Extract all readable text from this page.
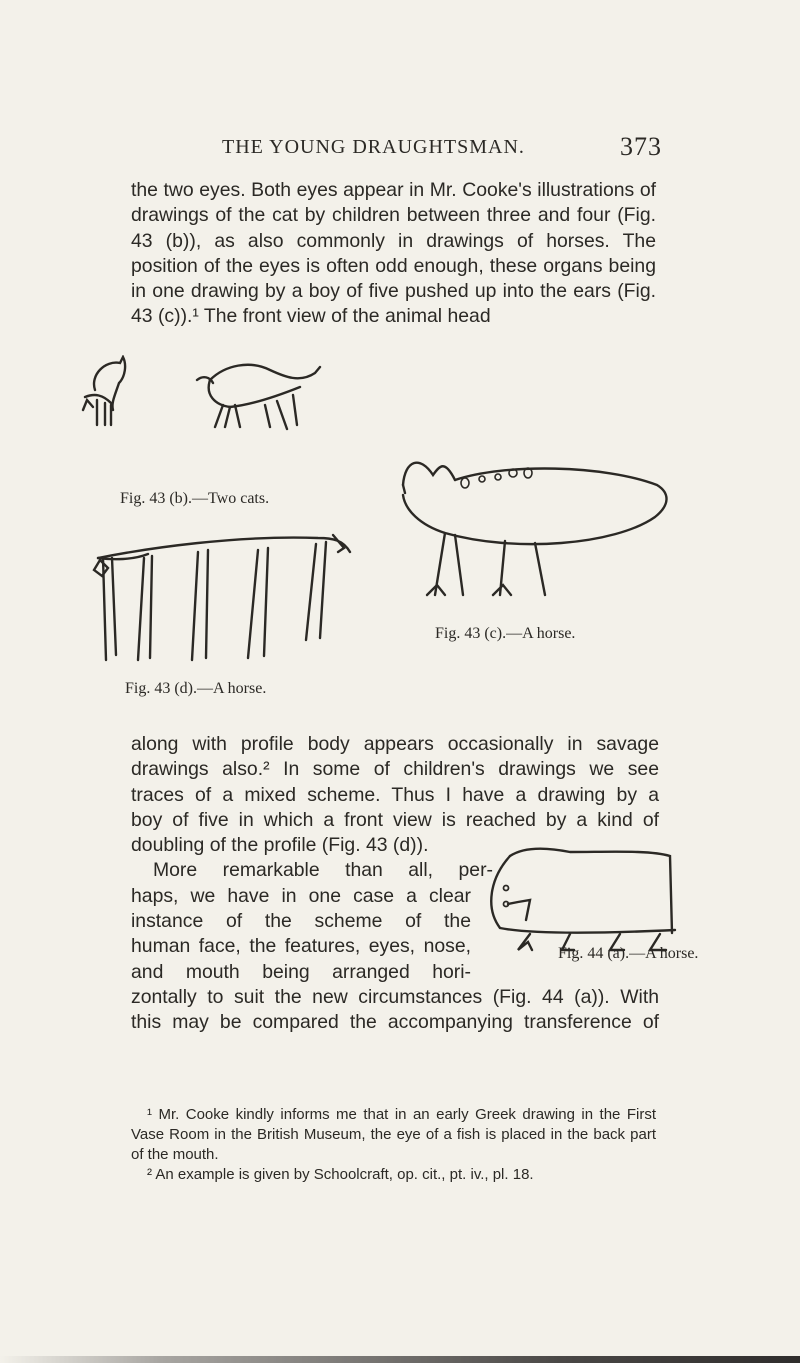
THE YOUNG DRAUGHTSMAN.	373
the two eyes. Both eyes appear in Mr. Cooke's illustrations of drawings of the cat by children between three and four (Fig. 43 (b)), as also commonly in drawings of horses. The position of the eyes is often odd enough, these organs being in one drawing by a boy of five pushed up into the ears (Fig. 43 (c)).¹ The front view of the animal head
Fig. 43 (b).—Two cats.
Fig. 43 (c).—A horse.
Fig. 43 (d).—A horse.
along with profile body appears occasionally in savage
drawings also.² In some of children's drawings we see
traces of a mixed scheme. Thus I have a drawing by a
boy of five in which a front view is reached by a kind of
doubling of the profile (Fig. 43 (d)).
More remarkable than all, per-
haps, we have in one case a clear
instance of the scheme of the
human face, the features, eyes, nose,
and mouth being arranged hori-
zontally to suit the new circumstances (Fig. 44 (a)). With
this may be compared the accompanying transference of
Fig. 44 (a).—A horse.
¹ Mr. Cooke kindly informs me that in an early Greek drawing in the First Vase Room in the British Museum, the eye of a fish is placed in the back part of the mouth.
² An example is given by Schoolcraft, op. cit., pt. iv., pl. 18.
